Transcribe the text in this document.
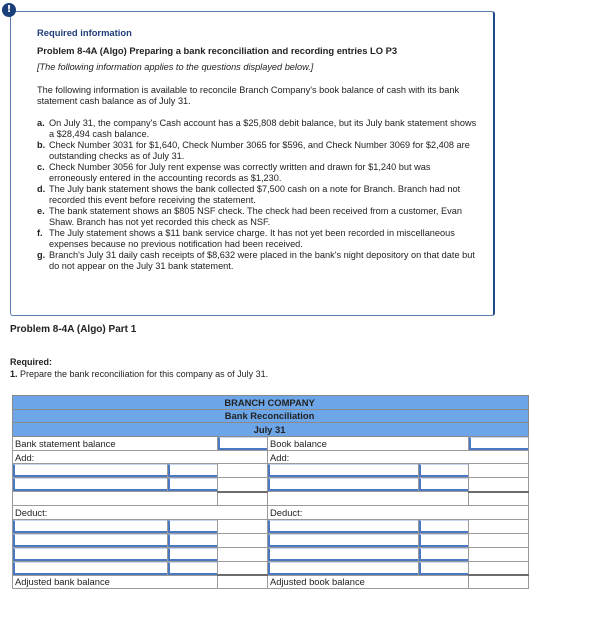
Required information
Problem 8-4A (Algo) Preparing a bank reconciliation and recording entries LO P3
[The following information applies to the questions displayed below.]
The following information is available to reconcile Branch Company's book balance of cash with its bank statement cash balance as of July 31.
a. On July 31, the company's Cash account has a $25,808 debit balance, but its July bank statement shows a $28,494 cash balance.
b. Check Number 3031 for $1,640, Check Number 3065 for $596, and Check Number 3069 for $2,408 are outstanding checks as of July 31.
c. Check Number 3056 for July rent expense was correctly written and drawn for $1,240 but was erroneously entered in the accounting records as $1,230.
d. The July bank statement shows the bank collected $7,500 cash on a note for Branch. Branch had not recorded this event before receiving the statement.
e. The bank statement shows an $805 NSF check. The check had been received from a customer, Evan Shaw. Branch has not yet recorded this check as NSF.
f. The July statement shows a $11 bank service charge. It has not yet been recorded in miscellaneous expenses because no previous notification had been received.
g. Branch's July 31 daily cash receipts of $8,632 were placed in the bank's night depository on that date but do not appear on the July 31 bank statement.
!
Problem 8-4A (Algo) Part 1
Required:
1. Prepare the bank reconciliation for this company as of July 31.
BRANCH COMPANY					
Bank Reconciliation					
July 31					
Bank statement balance			Book balance	

Add:			Add:		

Deduct:			Deduct:		

Adjusted bank balance			Adjusted book balance		
